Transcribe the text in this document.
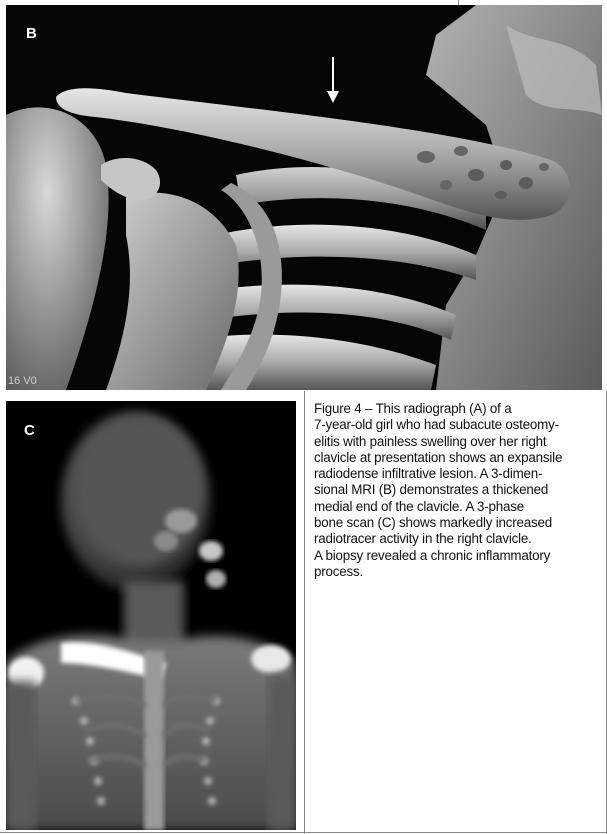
B
16 V0
C
Figure 4 – This radiograph (A) of a
7-year-old girl who had subacute osteomy-
elitis with painless swelling over her right
clavicle at presentation shows an expansile
radiodense infiltrative lesion. A 3-dimen-
sional MRI (B) demonstrates a thickened
medial end of the clavicle. A 3-phase
bone scan (C) shows markedly increased
radiotracer activity in the right clavicle.
A biopsy revealed a chronic inflammatory
process.
